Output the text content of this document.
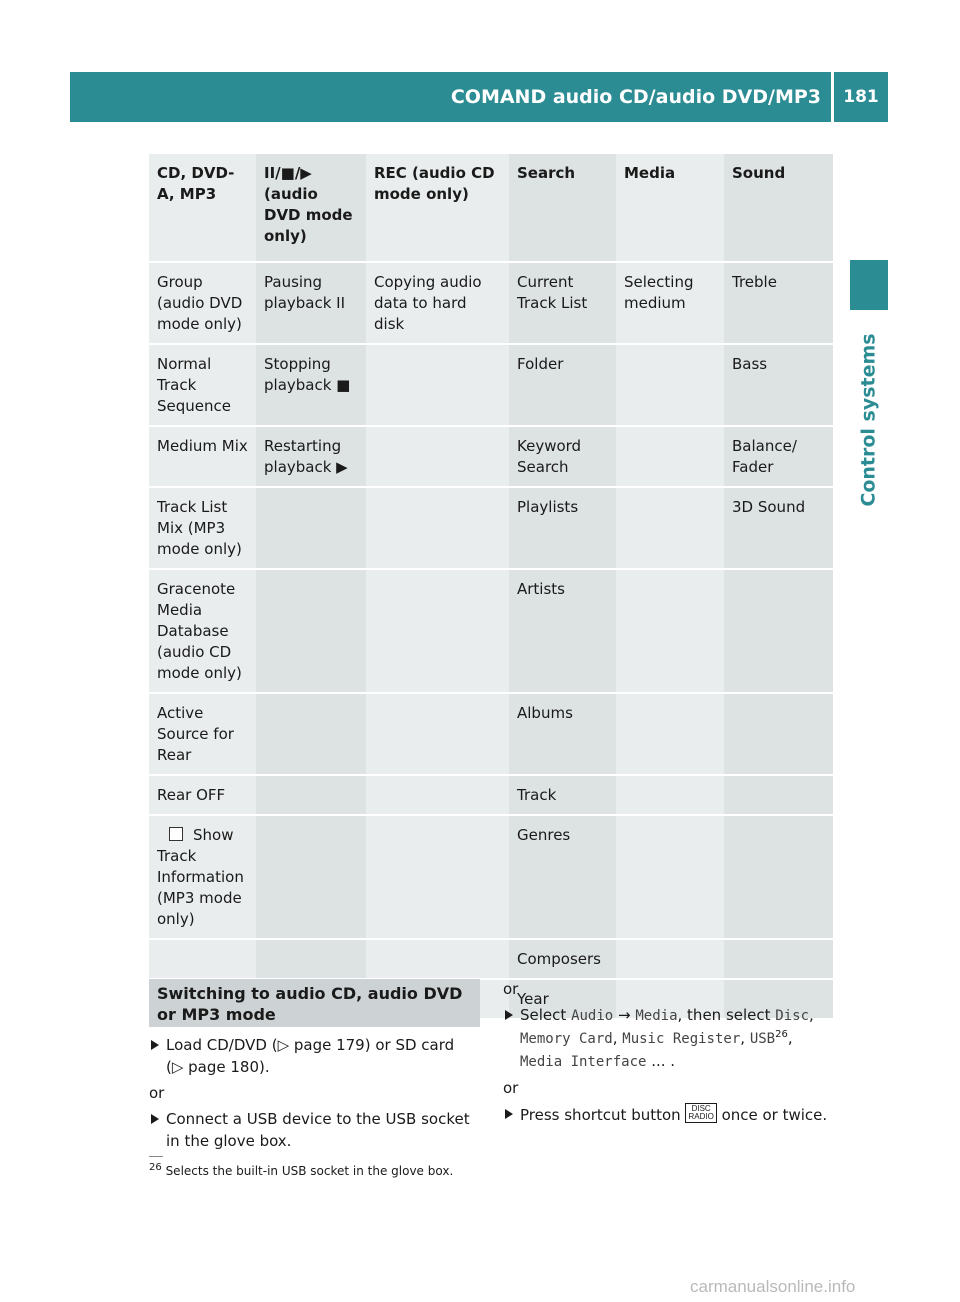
COMAND audio CD/audio DVD/MP3	181
Control systems
CD, DVD-A, MP3	II/■/▶ (audio DVD mode only)	REC (audio CD mode only)	Search	Media	Sound
Group (audio DVD mode only)	Pausing playback II	Copying audio data to hard disk	Current Track List	Selecting medium	Treble
Normal Track Sequence	Stopping playback ■		Folder		Bass
Medium Mix	Restarting playback ▶		Keyword Search		Balance/ Fader
Track List Mix (MP3 mode only)			Playlists		3D Sound
Gracenote Media Database (audio CD mode only)			Artists		
Active Source for Rear			Albums		
Rear OFF			Track		
Show Track Information (MP3 mode only)			Genres		
			Composers		
			Year		
Switching to audio CD, audio DVD or MP3 mode
Load CD/DVD (▷ page 179) or SD card
(▷ page 180).
or
Connect a USB device to the USB socket in the glove box.
or
Select Audio → Media, then select Disc,
Memory Card, Music Register, USB$^{26}$,
Media Interface ... .
or
Press shortcut button DISC
RADIO once or twice.
$^{26}$ Selects the built-in USB socket in the glove box.
carmanualsonline.info
